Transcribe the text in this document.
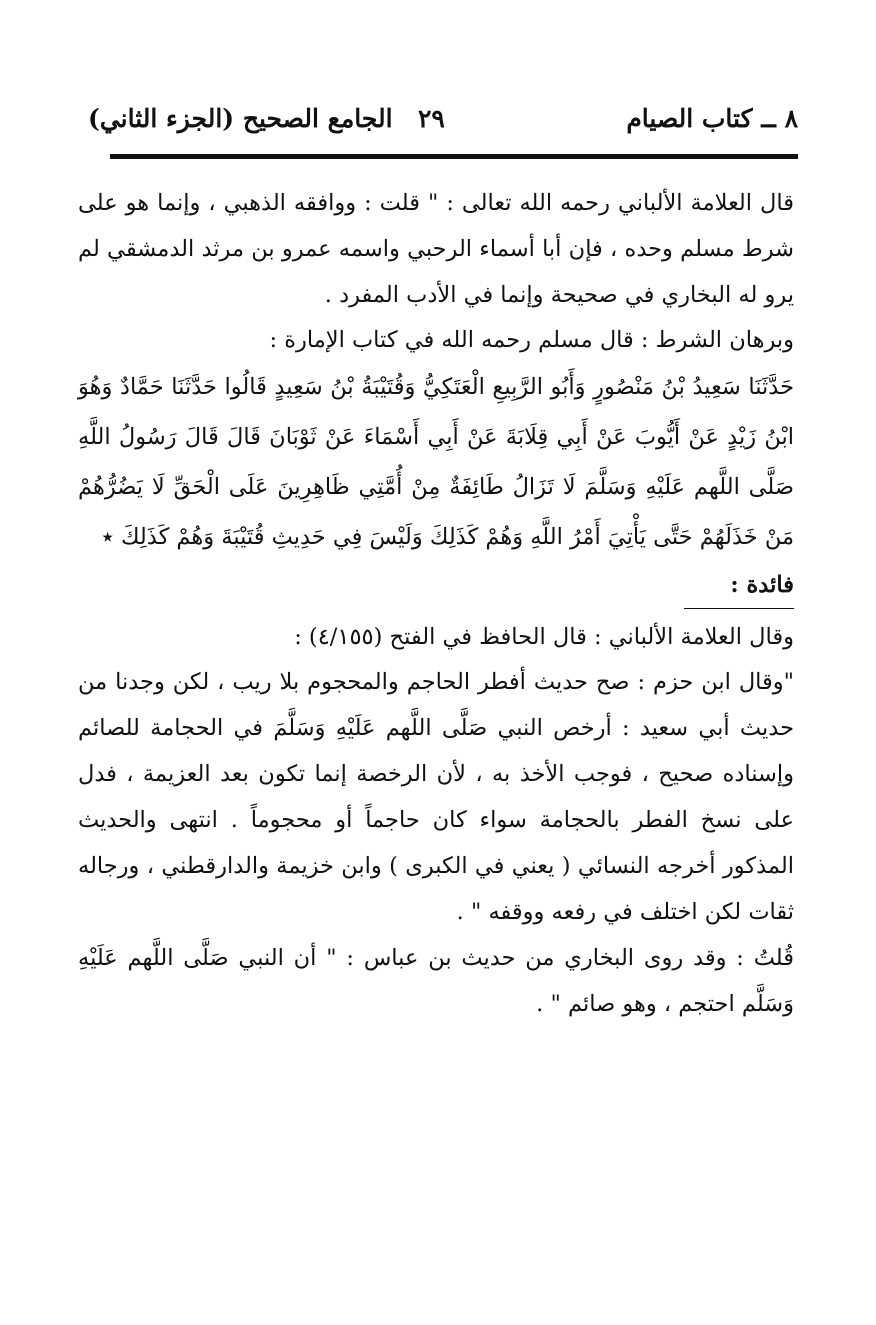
٨ ــ كتاب الصيام
٢٩
الجامع الصحيح (الجزء الثاني)

قال العلامة الألباني رحمه الله تعالى : " قلت : ووافقه الذهبي ، وإنما هو على شرط مسلم وحده ، فإن أبا أسماء الرحبي واسمه عمرو بن مرثد الدمشقي لم يرو له البخاري في صحيحة وإنما في الأدب المفرد .

وبرهان الشرط : قال مسلم رحمه الله في كتاب الإمارة :

حَدَّثَنَا سَعِيدُ بْنُ مَنْصُورٍ وَأَبُو الرَّبِيعِ الْعَتَكِيُّ وَقُتَيْبَةُ بْنُ سَعِيدٍ قَالُوا حَدَّثَنَا حَمَّادٌ وَهُوَ ابْنُ زَيْدٍ عَنْ أَيُّوبَ عَنْ أَبِي قِلَابَةَ عَنْ أَبِي أَسْمَاءَ عَنْ ثَوْبَانَ قَالَ قَالَ رَسُولُ اللَّهِ صَلَّى اللَّهم عَلَيْهِ وَسَلَّمَ لَا تَزَالُ طَائِفَةٌ مِنْ أُمَّتِي ظَاهِرِينَ عَلَى الْحَقِّ لَا يَضُرُّهُمْ مَنْ خَذَلَهُمْ حَتَّى يَأْتِيَ أَمْرُ اللَّهِ وَهُمْ كَذَلِكَ وَلَيْسَ فِي حَدِيثِ قُتَيْبَةَ وَهُمْ كَذَلِكَ ٭

فائدة :

وقال العلامة الألباني : قال الحافظ في الفتح (٤/١٥٥) :

"وقال ابن حزم : صح حديث أفطر الحاجم والمحجوم بلا ريب ، لكن وجدنا من حديث أبي سعيد : أرخص النبي صَلَّى اللَّهم عَلَيْهِ وَسَلَّمَ في الحجامة للصائم وإسناده صحيح ، فوجب الأخذ به ، لأن الرخصة إنما تكون بعد العزيمة ، فدل على نسخ الفطر بالحجامة سواء كان حاجماً أو محجوماً . انتهى والحديث المذكور أخرجه النسائي ( يعني في الكبرى ) وابن خزيمة والدارقطني ، ورجاله ثقات لكن اختلف في رفعه ووقفه " .

قُلتُ : وقد روى البخاري من حديث بن عباس : " أن النبي صَلَّى اللَّهم عَلَيْهِ وَسَلَّم احتجم ، وهو صائم " .
